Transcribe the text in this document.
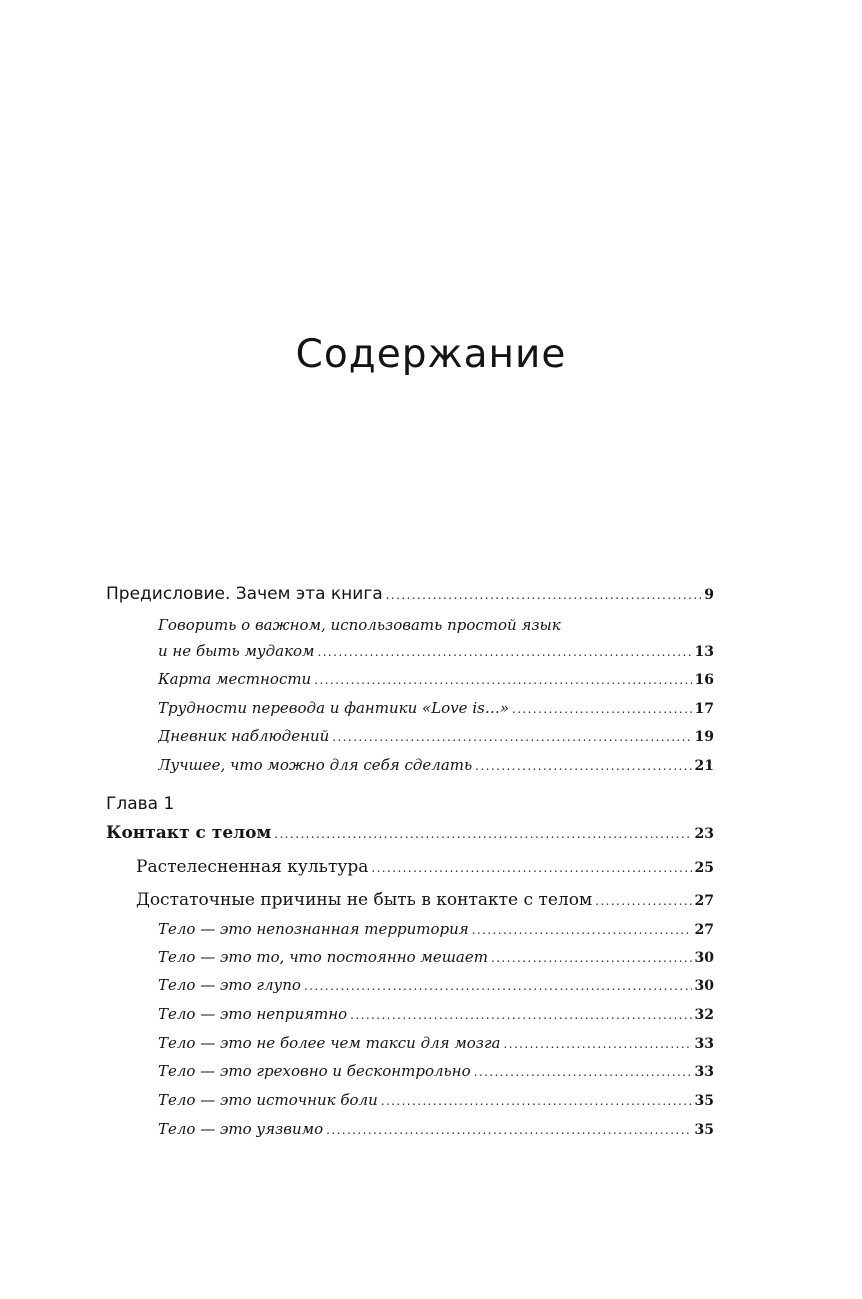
Содержание
Предисловие. Зачем эта книга .....	9
Говорить о важном, использовать простой язык
и не быть мудаком .....	13
Карта местности .....	16
Трудности перевода и фантики «Love is…» .....	17
Дневник наблюдений .....	19
Лучшее, что можно для себя сделать .....	21
Глава 1
Контакт с телом .....	23
Растелесненная культура .....	25
Достаточные причины не быть в контакте с телом .....	27
Тело — это непознанная территория .....	27
Тело — это то, что постоянно мешает .....	30
Тело — это глупо .....	30
Тело — это неприятно .....	32
Тело — это не более чем такси для мозга .....	33
Тело — это греховно и бесконтрольно .....	33
Тело — это источник боли .....	35
Тело — это уязвимо .....	35
